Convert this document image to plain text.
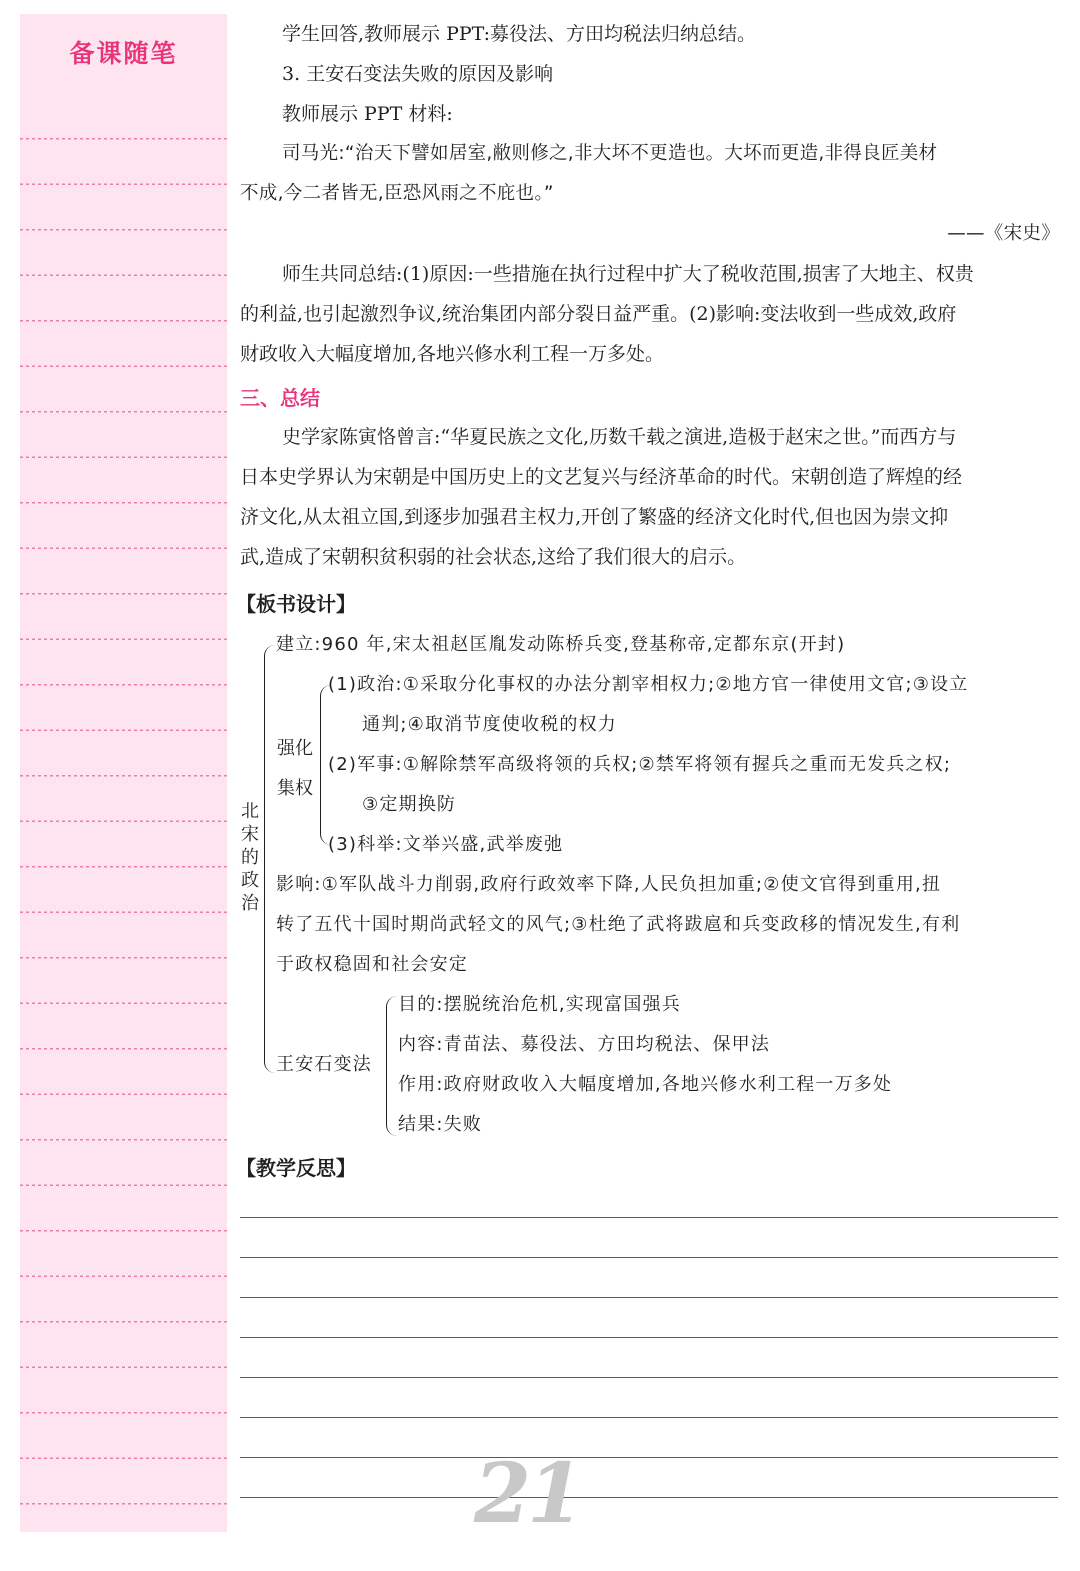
备课随笔
学生回答,教师展示 PPT:募役法、方田均税法归纳总结。
3. 王安石变法失败的原因及影响
教师展示 PPT 材料:
司马光:“治天下譬如居室,敝则修之,非大坏不更造也。大坏而更造,非得良匠美材
不成,今二者皆无,臣恐风雨之不庇也。”
——《宋史》
师生共同总结:(1)原因:一些措施在执行过程中扩大了税收范围,损害了大地主、权贵
的利益,也引起激烈争议,统治集团内部分裂日益严重。(2)影响:变法收到一些成效,政府
财政收入大幅度增加,各地兴修水利工程一万多处。
三、总结
史学家陈寅恪曾言:“华夏民族之文化,历数千载之演进,造极于赵宋之世。”而西方与
日本史学界认为宋朝是中国历史上的文艺复兴与经济革命的时代。宋朝创造了辉煌的经
济文化,从太祖立国,到逐步加强君主权力,开创了繁盛的经济文化时代,但也因为崇文抑
武,造成了宋朝积贫积弱的社会状态,这给了我们很大的启示。
【板书设计】
北宋的政治
建立:960 年,宋太祖赵匡胤发动陈桥兵变,登基称帝,定都东京(开封)
强化集权
(1)政治:①采取分化事权的办法分割宰相权力;②地方官一律使用文官;③设立
通判;④取消节度使收税的权力
(2)军事:①解除禁军高级将领的兵权;②禁军将领有握兵之重而无发兵之权;
③定期换防
(3)科举:文举兴盛,武举废弛
影响:①军队战斗力削弱,政府行政效率下降,人民负担加重;②使文官得到重用,扭
转了五代十国时期尚武轻文的风气;③杜绝了武将跋扈和兵变政移的情况发生,有利
于政权稳固和社会安定
王安石变法
目的:摆脱统治危机,实现富国强兵
内容:青苗法、募役法、方田均税法、保甲法
作用:政府财政收入大幅度增加,各地兴修水利工程一万多处
结果:失败
【教学反思】
21
